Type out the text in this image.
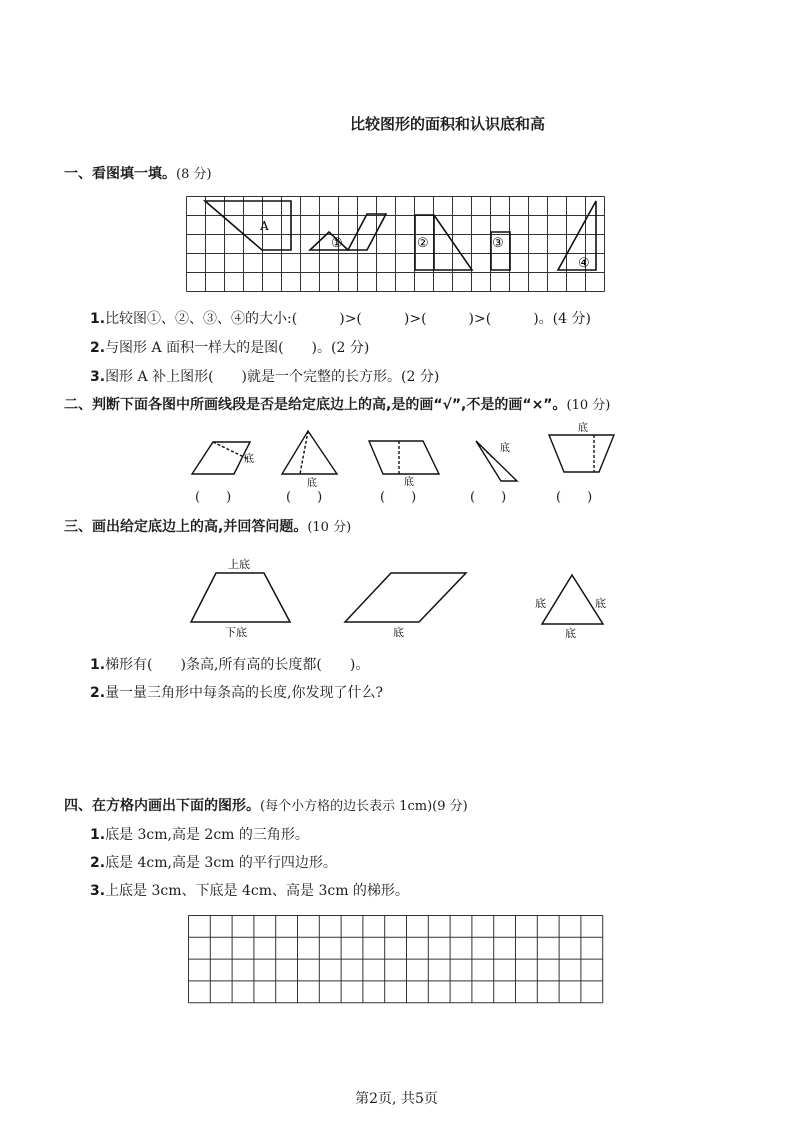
比较图形的面积和认识底和高
一、看图填一填。(8 分)
A
①	②	③
④
1.比较图①、②、③、④的大小:(　　　)>(　　　)>(　　　)>(　　　)。(4 分)
2.与图形 A 面积一样大的是图(　　)。(2 分)
3.图形 A 补上图形(　　)就是一个完整的长方形。(2 分)
二、判断下面各图中所画线段是否是给定底边上的高,是的画“√”,不是的画“×”。(10 分)
底
底	底
底
底
(　　)	(　　)	(　　)	(　　)	(　　)
三、画出给定底边上的高,并回答问题。(10 分)
上底
下底	底
底	底
底
1.梯形有(　　)条高,所有高的长度都(　　)。
2.量一量三角形中每条高的长度,你发现了什么?
四、在方格内画出下面的图形。(每个小方格的边长表示 1cm)(9 分)
1.底是 3cm,高是 2cm 的三角形。
2.底是 4cm,高是 3cm 的平行四边形。
3.上底是 3cm、下底是 4cm、高是 3cm 的梯形。
第2页, 共5页
